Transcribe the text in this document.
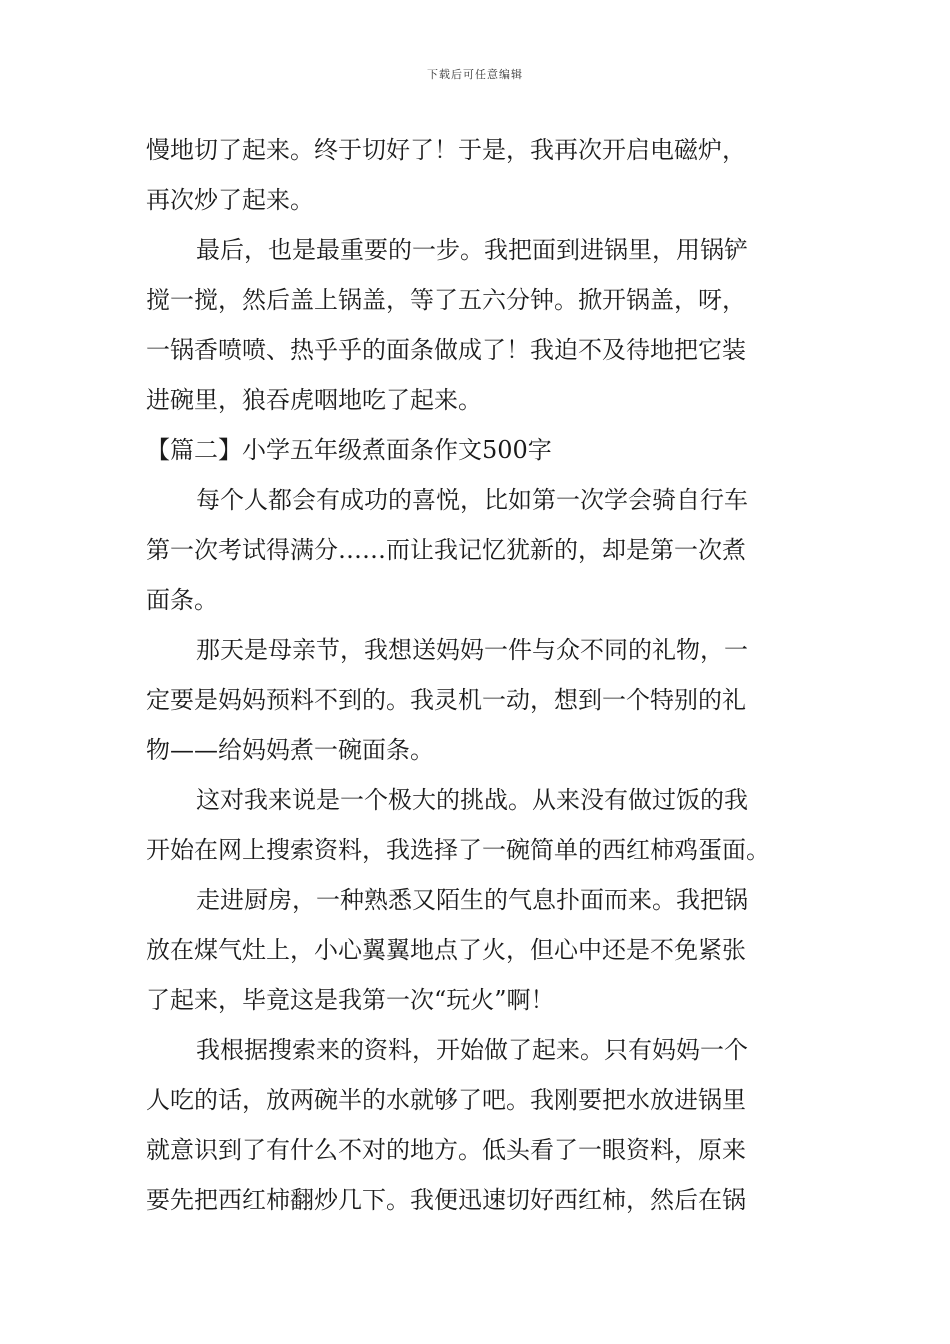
下载后可任意编辑
慢地切了起来。终于切好了！于是，我再次开启电磁炉，
再次炒了起来。
最后，也是最重要的一步。我把面到进锅里，用锅铲
搅一搅，然后盖上锅盖，等了五六分钟。掀开锅盖，呀，
一锅香喷喷、热乎乎的面条做成了！我迫不及待地把它装
进碗里，狼吞虎咽地吃了起来。
【篇二】小学五年级煮面条作文500字
每个人都会有成功的喜悦，比如第一次学会骑自行车
第一次考试得满分……而让我记忆犹新的，却是第一次煮
面条。
那天是母亲节，我想送妈妈一件与众不同的礼物，一
定要是妈妈预料不到的。我灵机一动，想到一个特别的礼
物——给妈妈煮一碗面条。
这对我来说是一个极大的挑战。从来没有做过饭的我
开始在网上搜索资料，我选择了一碗简单的西红柿鸡蛋面。
走进厨房，一种熟悉又陌生的气息扑面而来。我把锅
放在煤气灶上，小心翼翼地点了火，但心中还是不免紧张
了起来，毕竟这是我第一次“玩火”啊！
我根据搜索来的资料，开始做了起来。只有妈妈一个
人吃的话，放两碗半的水就够了吧。我刚要把水放进锅里
就意识到了有什么不对的地方。低头看了一眼资料，原来
要先把西红柿翻炒几下。我便迅速切好西红柿，然后在锅
